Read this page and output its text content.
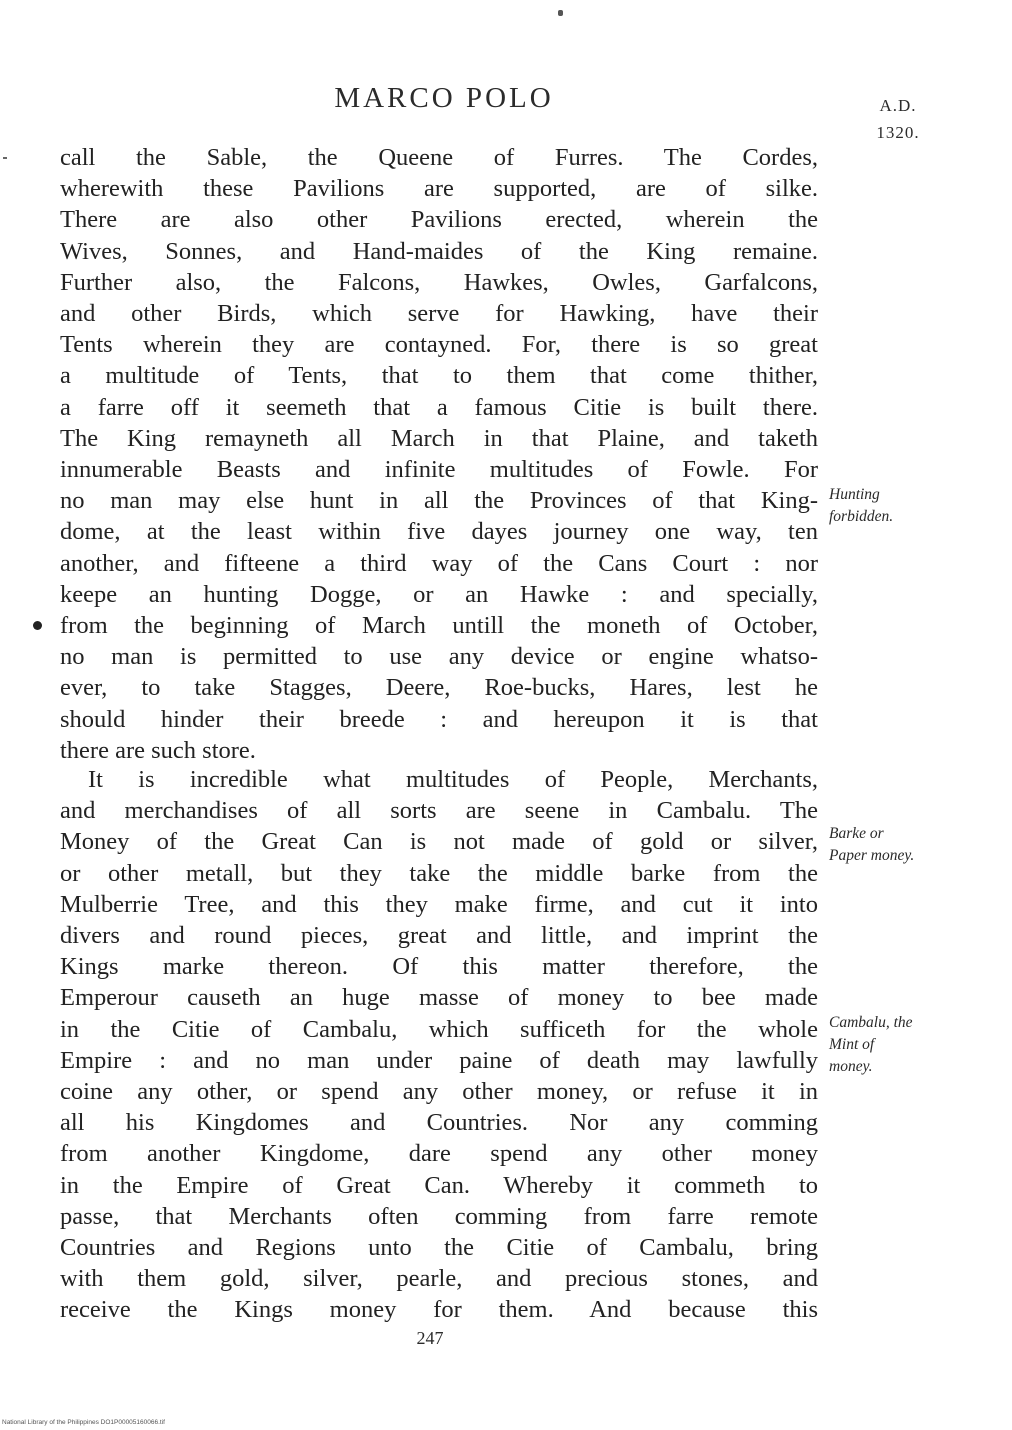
MARCO POLO	A.D.
1320.
call the Sable, the Queene of Furres. The Cordes,
wherewith these Pavilions are supported, are of silke.
There are also other Pavilions erected, wherein the
Wives, Sonnes, and Hand-maides of the King remaine.
Further also, the Falcons, Hawkes, Owles, Garfalcons,
and other Birds, which serve for Hawking, have their
Tents wherein they are contayned. For, there is so great
a multitude of Tents, that to them that come thither,
a farre off it seemeth that a famous Citie is built there.
The King remayneth all March in that Plaine, and taketh
innumerable Beasts and infinite multitudes of Fowle. For
no man may else hunt in all the Provinces of that King-
dome, at the least within five dayes journey one way, ten
another, and fifteene a third way of the Cans Court : nor
keepe an hunting Dogge, or an Hawke : and specially,
from the beginning of March untill the moneth of October,
no man is permitted to use any device or engine whatso-
ever, to take Stagges, Deere, Roe-bucks, Hares, lest he
should hinder their breede : and hereupon it is that
there are such store.
It is incredible what multitudes of People, Merchants,
and merchandises of all sorts are seene in Cambalu. The
Money of the Great Can is not made of gold or silver,
or other metall, but they take the middle barke from the
Mulberrie Tree, and this they make firme, and cut it into
divers and round pieces, great and little, and imprint the
Kings marke thereon. Of this matter therefore, the
Emperour causeth an huge masse of money to bee made
in the Citie of Cambalu, which sufficeth for the whole
Empire : and no man under paine of death may lawfully
coine any other, or spend any other money, or refuse it in
all his Kingdomes and Countries. Nor any comming
from another Kingdome, dare spend any other money
in the Empire of Great Can. Whereby it commeth to
passe, that Merchants often comming from farre remote
Countries and Regions unto the Citie of Cambalu, bring
with them gold, silver, pearle, and precious stones, and
receive the Kings money for them. And because this
Hunting
forbidden.
Barke or
Paper money.
Cambalu, the
Mint of
money.
247
National Library of the Philippines DO1P00005160066.tif
